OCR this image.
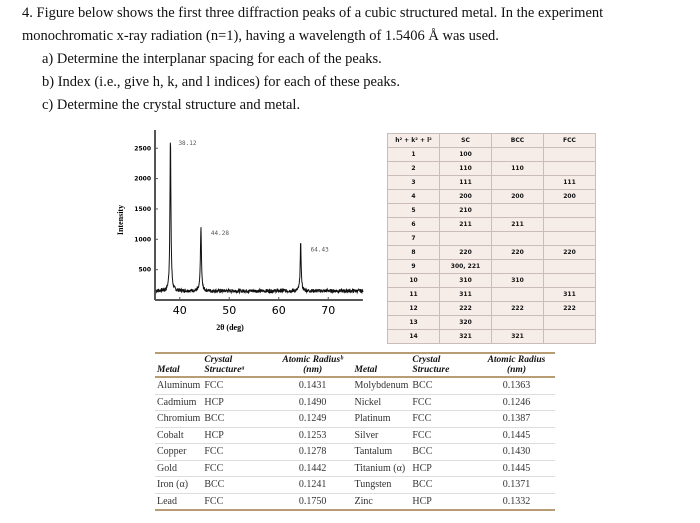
4. Figure below shows the first three diffraction peaks of a cubic structured metal. In the experiment

monochromatic x-ray radiation (n=1), having a wavelength of 1.5406 Å was used.

a) Determine the interplanar spacing for each of the peaks.

b) Index (i.e., give h, k, and l indices) for each of these peaks.

c) Determine the crystal structure and metal.

500
1000
1500
2000
2500
40	50	60	70
2θ (deg)
Intensity
38.12
44.28
64.43
h² + k² + l²	SC	BCC	FCC
1	100		
2	110	110	
3	111		111
4	200	200	200
5	210		
6	211	211	
7			
8	220	220	220
9	300, 221		
10	310	310	
11	311		311
12	222	222	222
13	320		
14	321	321	
Metal	Crystal Structureᵃ	Atomic Radiusᵇ (nm)	Metal	Crystal Structure	Atomic Radius (nm)
Aluminum	FCC	0.1431	Molybdenum	BCC	0.1363
Cadmium	HCP	0.1490	Nickel	FCC	0.1246
Chromium	BCC	0.1249	Platinum	FCC	0.1387
Cobalt	HCP	0.1253	Silver	FCC	0.1445
Copper	FCC	0.1278	Tantalum	BCC	0.1430
Gold	FCC	0.1442	Titanium (α)	HCP	0.1445
Iron (α)	BCC	0.1241	Tungsten	BCC	0.1371
Lead	FCC	0.1750	Zinc	HCP	0.1332
